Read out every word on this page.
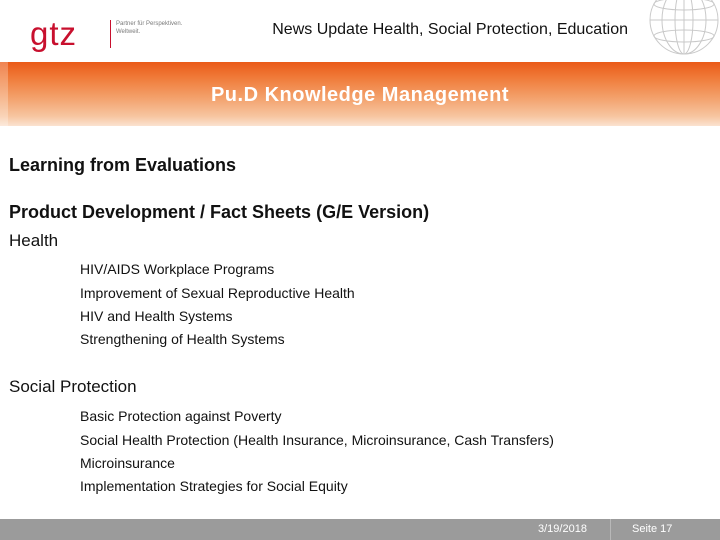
gtz	Partner für Perspektiven.
Weltweit.	News Update Health, Social Protection, Education
Pu.D Knowledge Management
Learning from Evaluations
Product Development / Fact Sheets (G/E Version)
Health
HIV/AIDS Workplace Programs
Improvement of Sexual Reproductive Health
HIV and Health Systems
Strengthening of Health Systems
Social Protection
Basic Protection against Poverty
Social Health Protection (Health Insurance, Microinsurance, Cash Transfers)
Microinsurance
Implementation Strategies for Social Equity
3/19/2018	Seite 17
